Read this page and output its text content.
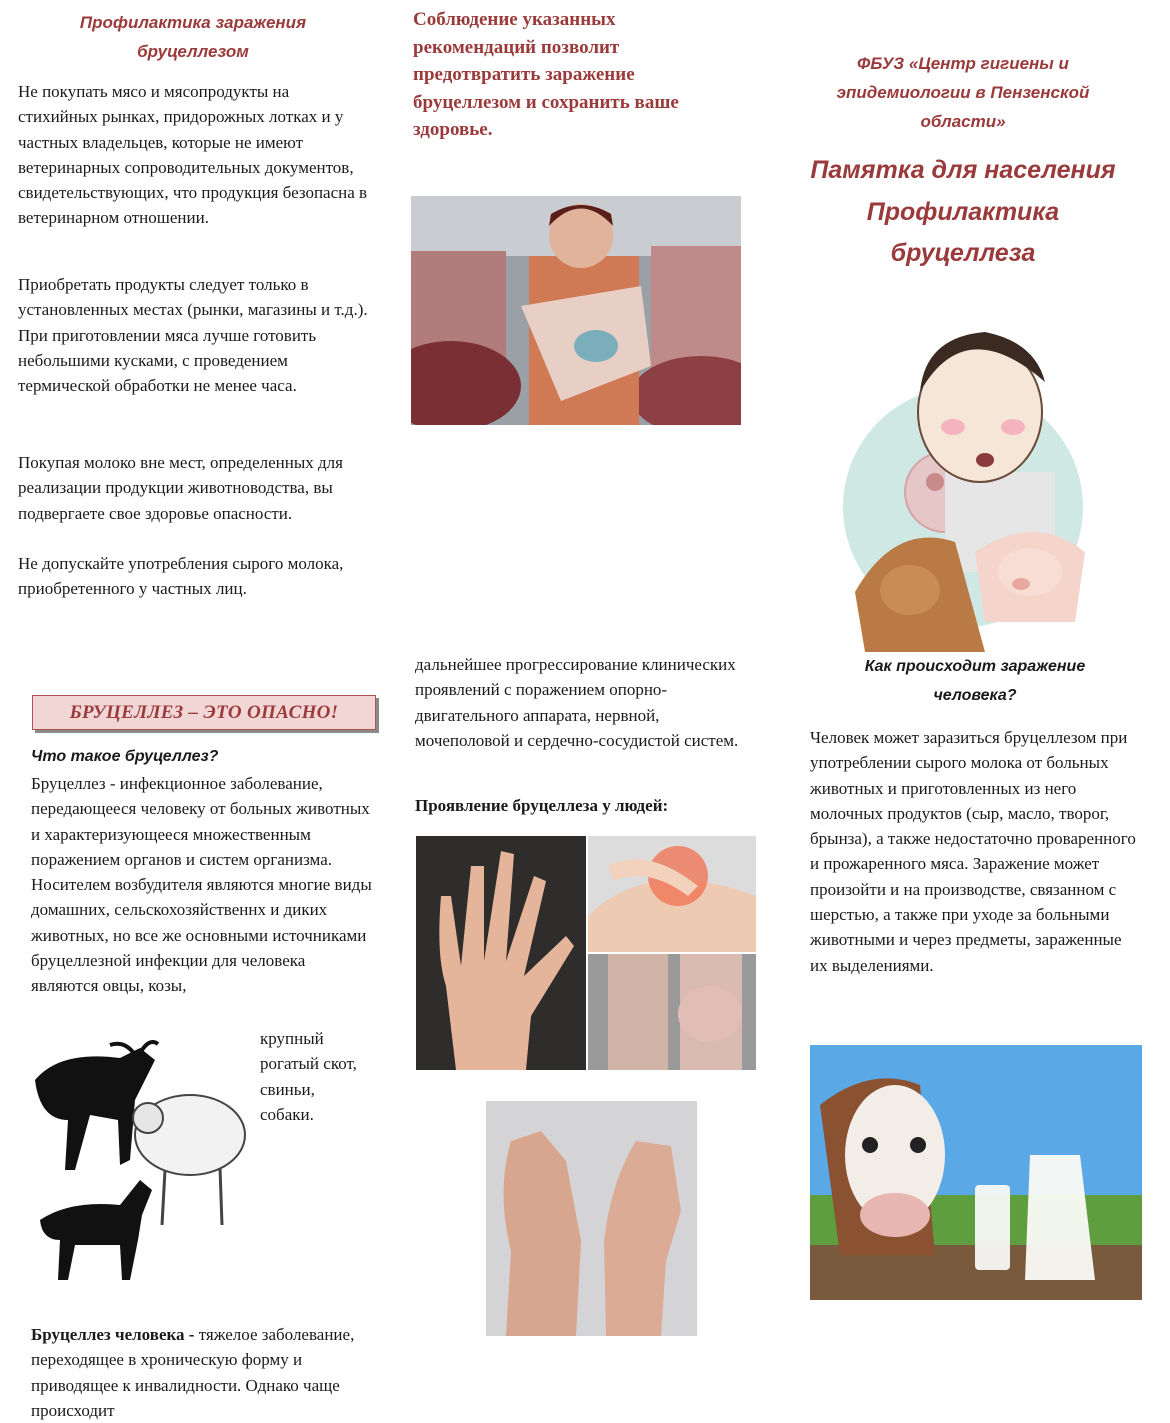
Профилактика заражения
бруцеллезом

Не покупать мясо и мясопродукты на стихийных рынках, придорожных лотках и у частных владельцев, которые не имеют ветеринарных сопроводительных документов, свидетельствующих, что продукция безопасна в ветеринарном отношении.

Приобретать продукты следует только в установленных местах (рынки, магазины и т.д.). При приготовлении мяса лучше готовить небольшими кусками, с проведением термической обработки не менее часа.

Покупая молоко вне мест, определенных для реализации продукции животноводства, вы подвергаете свое здоровье опасности.

Не допускайте употребления сырого молока, приобретенного у частных лиц.

Соблюдение указанных рекомендаций позволит предотвратить заражение бруцеллезом и сохранить ваше здоровье.

ФБУЗ «Центр гигиены и
эпидемиологии в Пензенской
области»
Памятка для населения
Профилактика
бруцеллеза
БРУЦЕЛЛЕЗ – ЭТО ОПАСНО!
Что такое бруцеллез?

Бруцеллез - инфекционное заболевание, передающееся человеку от больных животных и характеризующееся множественным поражением органов и систем организма. Носителем возбудителя являются многие виды домашних, сельскохозяйственнх и диких животных, но все же основными источниками бруцеллезной инфекции для человека являются овцы, козы,

крупный
рогатый скот,
свиньи,
собаки.

Бруцеллез человека - тяжелое заболевание, переходящее в хроническую форму и приводящее к инвалидности. Однако чаще происходит

дальнейшее прогрессирование клинических проявлений с поражением опорно-двигательного аппарата, нервной, мочеполовой и сердечно-сосудистой систем.

Проявление бруцеллеза у людей:
Как происходит заражение
человека?

Человек может заразиться бруцеллезом при употреблении сырого молока от больных животных и приготовленных из него молочных продуктов (сыр, масло, творог, брынза), а также недостаточно проваренного и прожаренного мяса. Заражение может произойти и на производстве, связанном с шерстью, а также при уходе за больными животными и через предметы, зараженные их выделениями.
